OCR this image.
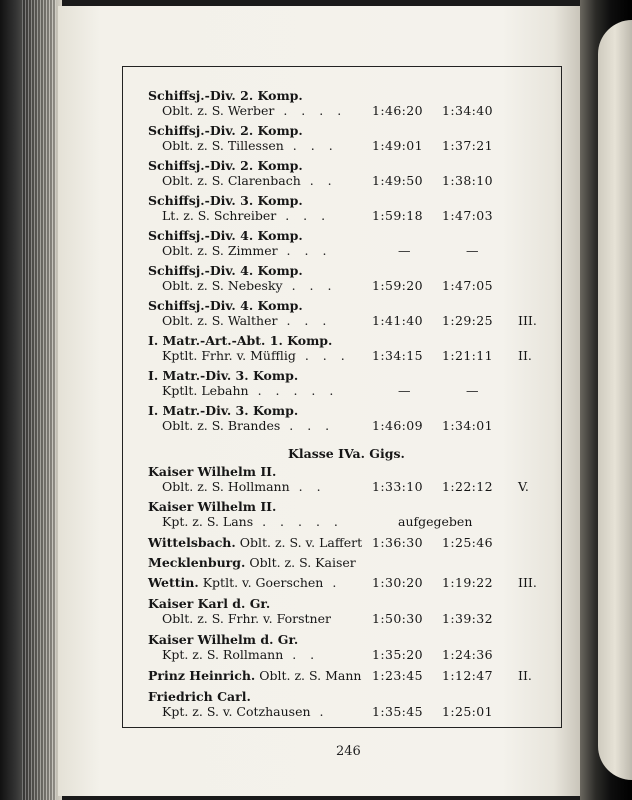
Schiffsj.-Div. 2. Komp.
Oblt. z. S. Werber . . . . 1:46:20 1:34:40
Schiffsj.-Div. 2. Komp.
Oblt. z. S. Tillessen . . .	1:49:01 1:37:21
Schiffsj.-Div. 2. Komp.
Oblt. z. S. Clarenbach . .	1:49:50 1:38:10
Schiffsj.-Div. 3. Komp.
Lt. z. S. Schreiber . . .	1:59:18 1:47:03
Schiffsj.-Div. 4. Komp.
Oblt. z. S. Zimmer . . .	—	—
Schiffsj.-Div. 4. Komp.
Oblt. z. S. Nebesky . . .	1:59:20 1:47:05
Schiffsj.-Div. 4. Komp.
Oblt. z. S. Walther . . .	1:41:40 1:29:25 III.
I. Matr.-Art.-Abt. 1. Komp.
Kptlt. Frhr. v. Müfflig . . . 1:34:15 1:21:11 II.
I. Matr.-Div. 3. Komp.
Kptlt. Lebahn . . . . .	—	—
I. Matr.-Div. 3. Komp.
Oblt. z. S. Brandes . . .	1:46:09 1:34:01
Klasse IVa. Gigs.
Kaiser Wilhelm II.
Oblt. z. S. Hollmann . .	1:33:10 1:22:12 V.
Kaiser Wilhelm II.
Kpt. z. S. Lans . . . . .	aufgegeben
Wittelsbach. Oblt. z. S. v. Laffert 1:36:30 1:25:46
Mecklenburg. Oblt. z. S. Kaiser
Wettin. Kptlt. v. Goerschen . 1:30:20 1:19:22 III.
Kaiser Karl d. Gr.
Oblt. z. S. Frhr. v. Forstner	1:50:30 1:39:32
Kaiser Wilhelm d. Gr.
Kpt. z. S. Rollmann . .	1:35:20 1:24:36
Prinz Heinrich. Oblt. z. S. Mann 1:23:45 1:12:47 II.
Friedrich Carl.
Kpt. z. S. v. Cotzhausen .	1:35:45 1:25:01
246
